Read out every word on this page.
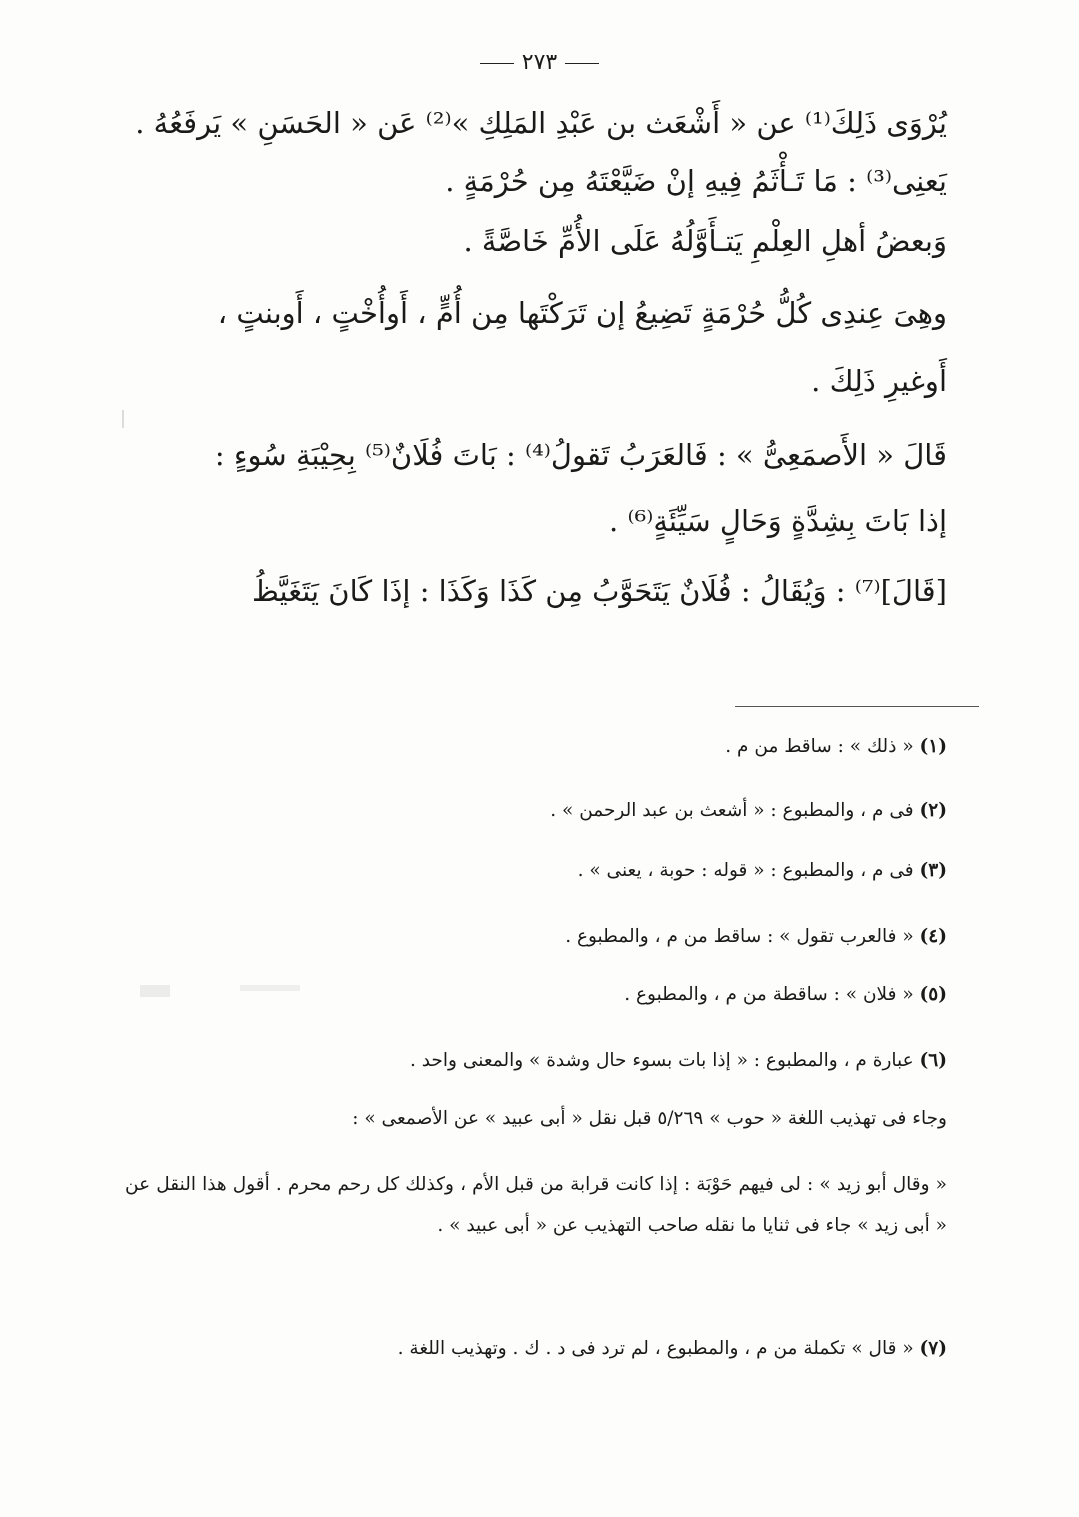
٢٧٣
يُرْوَى ذَلِكَ⁽¹⁾ عن « أَشْعَث بن عَبْدِ المَلِكِ »⁽²⁾ عَن « الحَسَنِ » يَرفَعُهُ .
يَعنِى⁽³⁾ : مَا تَـأْثَمُ فِيهِ إنْ ضَيَّعْتَهُ مِن حُرْمَةٍ .
وَبعضُ أهلِ العِلْمِ يَتـأَوَّلُهُ عَلَى الأُمِّ خَاصَّةً .
وهِىَ عِندِى كُلُّ حُرْمَةٍ تَضِيعُ إن تَرَكْتَها مِن أُمٍّ ، أَوأُخْتٍ ، أَوبنتٍ ،
أَوغيرِ ذَلِكَ .
قَالَ « الأَصمَعِىُّ » : فَالعَرَبُ تَقولُ⁽⁴⁾ : بَاتَ فُلَانٌ⁽⁵⁾ بِحِيْبَةِ سُوءٍ :
إذا بَاتَ بِشِدَّةٍ وَحَالٍ سَيِّئَةٍ⁽⁶⁾ .
[قَالَ]⁽⁷⁾ : وَيُقَالُ : فُلَانٌ يَتَحَوَّبُ مِن كَذَا وَكَذَا : إذَا كَانَ يَتَغَيَّظُ
(١) « ذلك » : ساقط من م .
(٢) فى م ، والمطبوع : « أشعث بن عبد الرحمن » .
(٣) فى م ، والمطبوع : « قوله : حوبة ، يعنى » .
(٤) « فالعرب تقول » : ساقط من م ، والمطبوع .
(٥) « فلان » : ساقطة من م ، والمطبوع .
(٦) عبارة م ، والمطبوع : « إذا بات بسوء حال وشدة » والمعنى واحد .
وجاء فى تهذيب اللغة « حوب » ٥/٢٦٩ قبل نقل « أبى عبيد » عن الأصمعى » :
« وقال أبو زيد » : لى فيهم حَوْبَة : إذا كانت قرابة من قبل الأم ، وكذلك كل رحم محرم . أقول هذا النقل عن « أبى زيد » جاء فى ثنايا ما نقله صاحب التهذيب عن « أبى عبيد » .
(٧) « قال » تكملة من م ، والمطبوع ، لم ترد فى د . ك . وتهذيب اللغة .
